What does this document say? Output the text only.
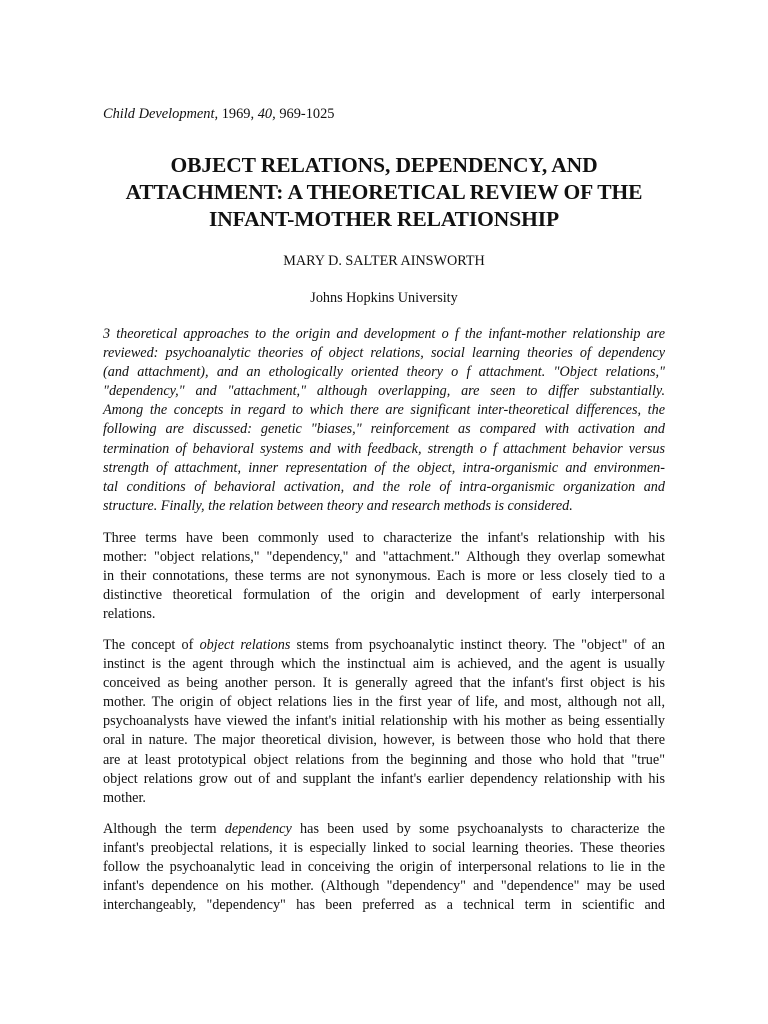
Child Development, 1969, 40, 969-1025
OBJECT RELATIONS, DEPENDENCY, AND
ATTACHMENT: A THEORETICAL REVIEW OF THE
INFANT-MOTHER RELATIONSHIP
MARY D. SALTER AINSWORTH
Johns Hopkins University
3 theoretical approaches to the origin and development o f the infant-mother relationship are
reviewed: psychoanalytic theories of object relations, social learning theories of dependency
(and attachment), and an ethologically oriented theory o f attachment. "Object relations,"
"dependency," and "attachment," although overlapping, are seen to differ substantially.
Among the concepts in regard to which there are significant inter-theoretical differences, the
following are discussed: genetic "biases," reinforcement as compared with activation and
termination of behavioral systems and with feedback, strength o f attachment behavior versus
strength of attachment, inner representation of the object, intra-organismic and environmen-
tal conditions of behavioral activation, and the role of intra-organismic organization and
structure. Finally, the relation between theory and research methods is considered.
Three terms have been commonly used to characterize the infant's relationship with his
mother: "object relations," "dependency," and "attachment." Although they overlap somewhat
in their connotations, these terms are not synonymous. Each is more or less closely tied to a
distinctive theoretical formulation of the origin and development of early interpersonal
relations.
The concept of object relations stems from psychoanalytic instinct theory. The "object" of an
instinct is the agent through which the instinctual aim is achieved, and the agent is usually
conceived as being another person. It is generally agreed that the infant's first object is his
mother. The origin of object relations lies in the first year of life, and most, although not all,
psychoanalysts have viewed the infant's initial relationship with his mother as being essentially
oral in nature. The major theoretical division, however, is between those who hold that there
are at least prototypical object relations from the beginning and those who hold that "true"
object relations grow out of and supplant the infant's earlier dependency relationship with his
mother.
Although the term dependency has been used by some psychoanalysts to characterize the
infant's preobjectal relations, it is especially linked to social learning theories. These theories
follow the psychoanalytic lead in conceiving the origin of interpersonal relations to lie in the
infant's dependence on his mother. (Although "dependency" and "dependence" may be used
interchangeably, "dependency" has been preferred as a technical term in scientific and
